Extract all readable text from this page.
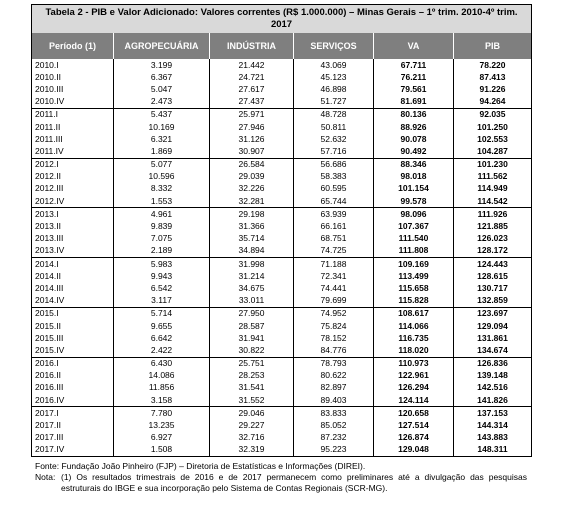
Tabela 2 - PIB e Valor Adicionado: Valores correntes (R$ 1.000.000) – Minas Gerais – 1º trim. 2010-4º trim. 2017					
Período (1)	AGROPECUÁRIA	INDÚSTRIA	SERVIÇOS	VA	PIB
2010.I	3.199	21.442	43.069	67.711	78.220
2010.II	6.367	24.721	45.123	76.211	87.413
2010.III	5.047	27.617	46.898	79.561	91.226
2010.IV	2.473	27.437	51.727	81.691	94.264
2011.I	5.437	25.971	48.728	80.136	92.035
2011.II	10.169	27.946	50.811	88.926	101.250
2011.III	6.321	31.126	52.632	90.078	102.553
2011.IV	1.869	30.907	57.716	90.492	104.287
2012.I	5.077	26.584	56.686	88.346	101.230
2012.II	10.596	29.039	58.383	98.018	111.562
2012.III	8.332	32.226	60.595	101.154	114.949
2012.IV	1.553	32.281	65.744	99.578	114.542
2013.I	4.961	29.198	63.939	98.096	111.926
2013.II	9.839	31.366	66.161	107.367	121.885
2013.III	7.075	35.714	68.751	111.540	126.023
2013.IV	2.189	34.894	74.725	111.808	128.172
2014.I	5.983	31.998	71.188	109.169	124.443
2014.II	9.943	31.214	72.341	113.499	128.615
2014.III	6.542	34.675	74.441	115.658	130.717
2014.IV	3.117	33.011	79.699	115.828	132.859
2015.I	5.714	27.950	74.952	108.617	123.697
2015.II	9.655	28.587	75.824	114.066	129.094
2015.III	6.642	31.941	78.152	116.735	131.861
2015.IV	2.422	30.822	84.776	118.020	134.674
2016.I	6.430	25.751	78.793	110.973	126.836
2016.II	14.086	28.253	80.622	122.961	139.148
2016.III	11.856	31.541	82.897	126.294	142.516
2016.IV	3.158	31.552	89.403	124.114	141.826
2017.I	7.780	29.046	83.833	120.658	137.153
2017.II	13.235	29.227	85.052	127.514	144.314
2017.III	6.927	32.716	87.232	126.874	143.883
2017.IV	1.508	32.319	95.223	129.048	148.311
Fonte: Fundação João Pinheiro (FJP) – Diretoria de Estatísticas e Informações (DIREI).
Nota: (1) Os resultados trimestrais de 2016 e de 2017 permanecem como preliminares até a divulgação das pesquisas estruturais do IBGE e sua incorporação pelo Sistema de Contas Regionais (SCR-MG).
